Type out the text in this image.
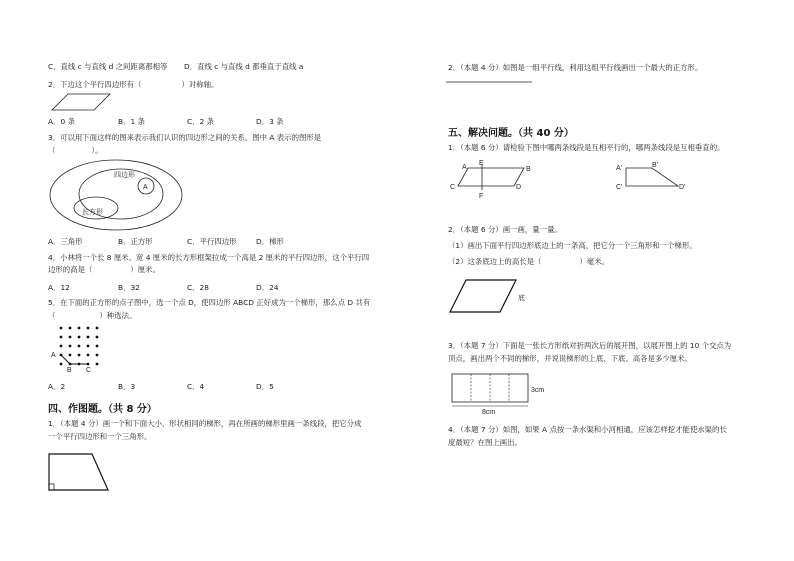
C．直线 c 与直线 d 之间距离都相等 D．直线 c 与直线 d 都垂直于直线 a
2．下边这个平行四边形有（	）对称轴。
A．0 条	B．1 条	C．2 条	D．3 条
3．可以用下面这样的图来表示我们认识的四边形之间的关系。图中 A 表示的图形是
（	）。
四边形
A
长方形
A．三角形	B．正方形	C．平行四边形	D．梯形
4．小林将一个长 8 厘米、宽 4 厘米的长方形框架拉成一个高是 2 厘米的平行四边形，这个平行四
边形的高是（	）厘米。
A．12	B．32	C．28	D．24
5．在下面的正方形的点子图中，选一个点 D，使四边形 ABCD 正好成为一个梯形，那么点 D 共有
（	）种选法。
A
B C
A．2	B．3	C．4	D．5
四、作图题。（共 8 分）
1．（本题 4 分）画一个和下面大小、形状相同的梯形，再在所画的梯形里画一条线段，把它分成
一个平行四边形和一个三角形。
2．（本题 4 分）如图是一组平行线，利用这组平行线画出一个最大的正方形。
五、解决问题。（共 40 分）
1．（本题 6 分）请检验下图中哪两条线段是互相平行的，哪两条线段是互相垂直的。
A
E
B
C
F
D
A'	B'
C'	D'
2．（本题 6 分）画一画，量一量。
（1）画出下面平行四边形底边上的一条高，把它分一个三角形和一个梯形。
（2）这条底边上的高长是（	）毫米。
底
3．（本题 7 分）下面是一张长方形纸对折两次后的展开图，以展开图上的 10 个交点为
顶点，画出两个不同的梯形，并说说梯形的上底、下底、高各是多少厘米。
8cm
3cm
4．（本题 7 分）如图，如果 A 点按一条水渠和小河相通，应该怎样挖才能使水渠的长
度最短？在图上画出。
